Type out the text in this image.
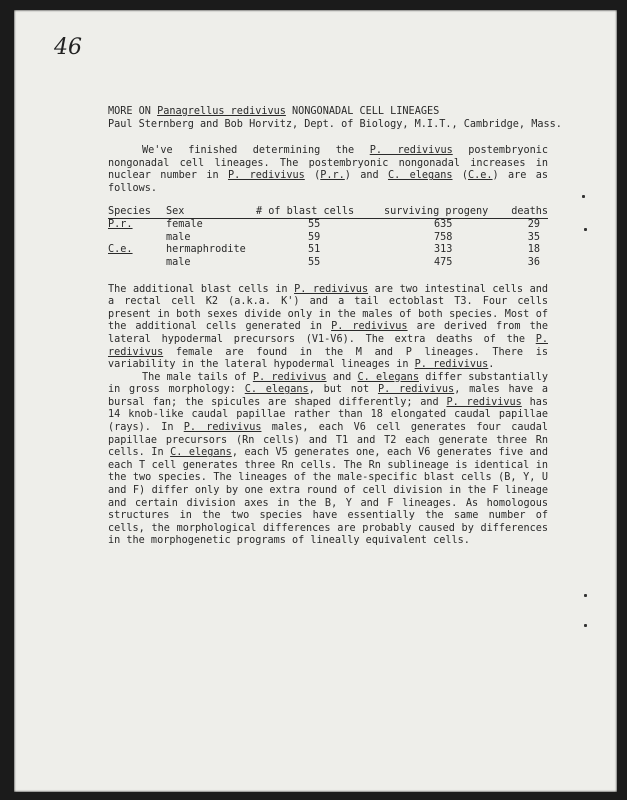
46
MORE ON Panagrellus redivivus NONGONADAL CELL LINEAGES
Paul Sternberg and Bob Horvitz, Dept. of Biology, M.I.T., Cambridge, Mass.

We've finished determining the P. redivivus postembryonic nongonadal cell lineages. The postembryonic nongonadal increases in nuclear number in P. redivivus (P.r.) and C. elegans (C.e.) are as follows.

Species	Sex	# of blast cells	surviving progeny	deaths
P.r.	female	55	635	29
	male	59	758	35
C.e.	hermaphrodite	51	313	18
	male	55	475	36

The additional blast cells in P. redivivus are two intestinal cells and a rectal cell K2 (a.k.a. K') and a tail ectoblast T3. Four cells present in both sexes divide only in the males of both species. Most of the additional cells generated in P. redivivus are derived from the lateral hypodermal precursors (V1-V6). The extra deaths of the P. redivivus female are found in the M and P lineages. There is variability in the lateral hypodermal lineages in P. redivivus.

The male tails of P. redivivus and C. elegans differ substantially in gross morphology: C. elegans, but not P. redivivus, males have a bursal fan; the spicules are shaped differently; and P. redivivus has 14 knob-like caudal papillae rather than 18 elongated caudal papillae (rays). In P. redivivus males, each V6 cell generates four caudal papillae precursors (Rn cells) and T1 and T2 each generate three Rn cells. In C. elegans, each V5 generates one, each V6 generates five and each T cell generates three Rn cells. The Rn sublineage is identical in the two species. The lineages of the male-specific blast cells (B, Y, U and F) differ only by one extra round of cell division in the F lineage and certain division axes in the B, Y and F lineages. As homologous structures in the two species have essentially the same number of cells, the morphological differences are probably caused by differences in the morphogenetic programs of lineally equivalent cells.
